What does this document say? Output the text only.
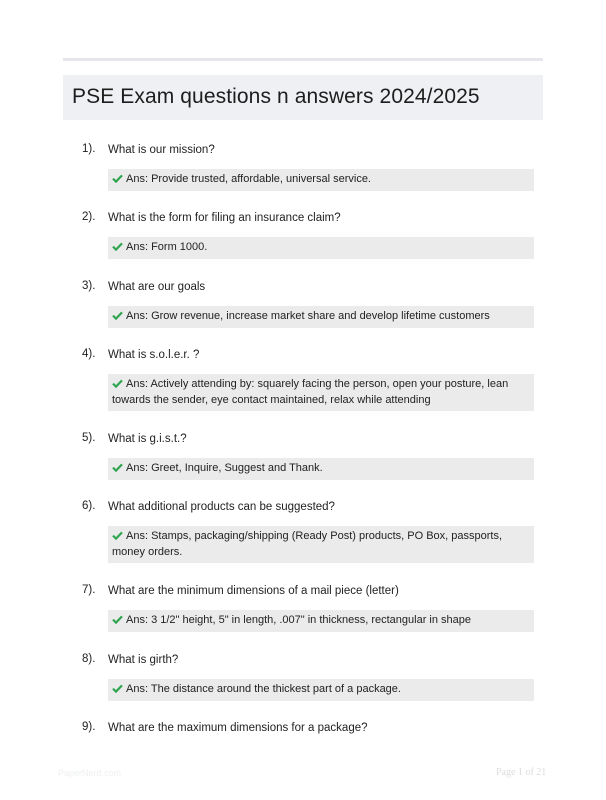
PSE Exam questions n answers 2024/2025
1). What is our mission?
Ans: Provide trusted, affordable, universal service.
2). What is the form for filing an insurance claim?
Ans: Form 1000.
3). What are our goals
Ans: Grow revenue, increase market share and develop lifetime customers
4). What is s.o.l.e.r. ?
Ans: Actively attending by: squarely facing the person, open your posture, lean towards the sender, eye contact maintained, relax while attending
5). What is g.i.s.t.?
Ans: Greet, Inquire, Suggest and Thank.
6). What additional products can be suggested?
Ans: Stamps, packaging/shipping (Ready Post) products, PO Box, passports, money orders.
7). What are the minimum dimensions of a mail piece (letter)
Ans: 3 1/2" height, 5" in length, .007" in thickness, rectangular in shape
8). What is girth?
Ans: The distance around the thickest part of a package.
9). What are the maximum dimensions for a package?
PaperNerd.com	Page 1 of 21
